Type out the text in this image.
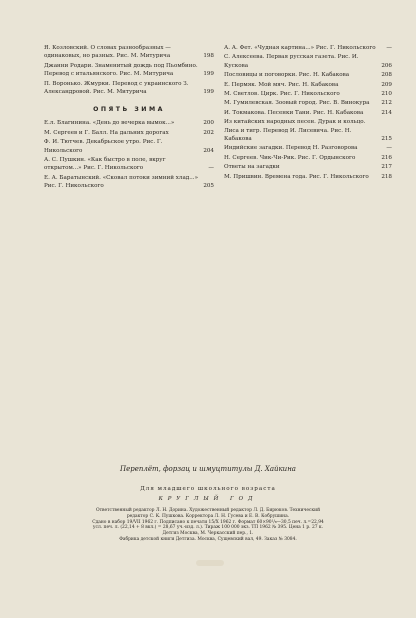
Я. Козловский. О словах разнообразных — одинаковых, но разных. Рис. М. Митурича	198
Джанни Родари. Знаменитый дождь под Пьомбино. Перевод с итальянского. Рис. М. Митурича	199
П. Воронько. Жмурки. Перевод с украинского З. Александровой. Рис. М. Митурича	199
ОПЯТЬ ЗИМА
Е.л. Благинина. «День до вечерка вымок...»	200
М. Сергеев и Г. Балл. На дальних дорогах	202
Ф. И. Тютчев. Декабрьское утро. Рис. Г. Никольского	204
А. С. Пушкин. «Как быстро в поле, вкруг открытом...» Рис. Г. Никольского	—
Е. А. Баратынский. «Сковал потоки зимний хлад...» Рис. Г. Никольского	205
А. А. Фет. «Чудная картина...» Рис. Г. Никольского —
С. Алексеева. Первая русская газета. Рис. И. Кускова	206
Пословицы и поговорки. Рис. Н. Кабакова	208
Е. Пермяк. Мой мяч. Рис. Н. Кабакова	209
М. Светлов. Цирк. Рис. Г. Никольского	210
М. Гумилевская. Зоовый город. Рис. В. Винокура 212
И. Токмакова. Песенки Тани. Рис. Н. Кабакова	214
Из китайских народных песен. Дурак и кольцо. Лиса и тигр. Перевод И. Лисевича. Рис. Н. Кабакова	215
Индийские загадки. Перевод Н. Разговорова	—
Н. Сергеев. Чик-Чи-Рик. Рис. Г. Ордынского	216
Ответы на загадки	217
М. Пришвин. Времена года. Рис. Г. Никольского 218
Переплёт, форзац и шмуцтитулы Д. Хайкина
Для младшего школьного возраста
КРУГЛЫЙ ГОД
Ответственный редактор Л. Н. Дорина. Художественный редактор Л. Д. Бирюков. Технический
редактор С. К. Пушкова. Корректора Л. Н. Гусева и Е. В. Кобрушина.
Сдано в набор 19/VII 1962 г. Подписано к печати 15/X 1962 г. Формат 60×90¹/₈—30,5 печ. л.=22,94
усл. печ. л. (22,14 + 8 вкл.) = 28,67 уч.-изд. л.). Тираж 100 000 экз. ТП 1962 № 395. Цена 1 р. 27 к.
Детгиз Москва, М. Черкасский пер., 1.
Фабрика детской книги Детгиза. Москва, Сущевский вал, 49. Заказ № 3084.
